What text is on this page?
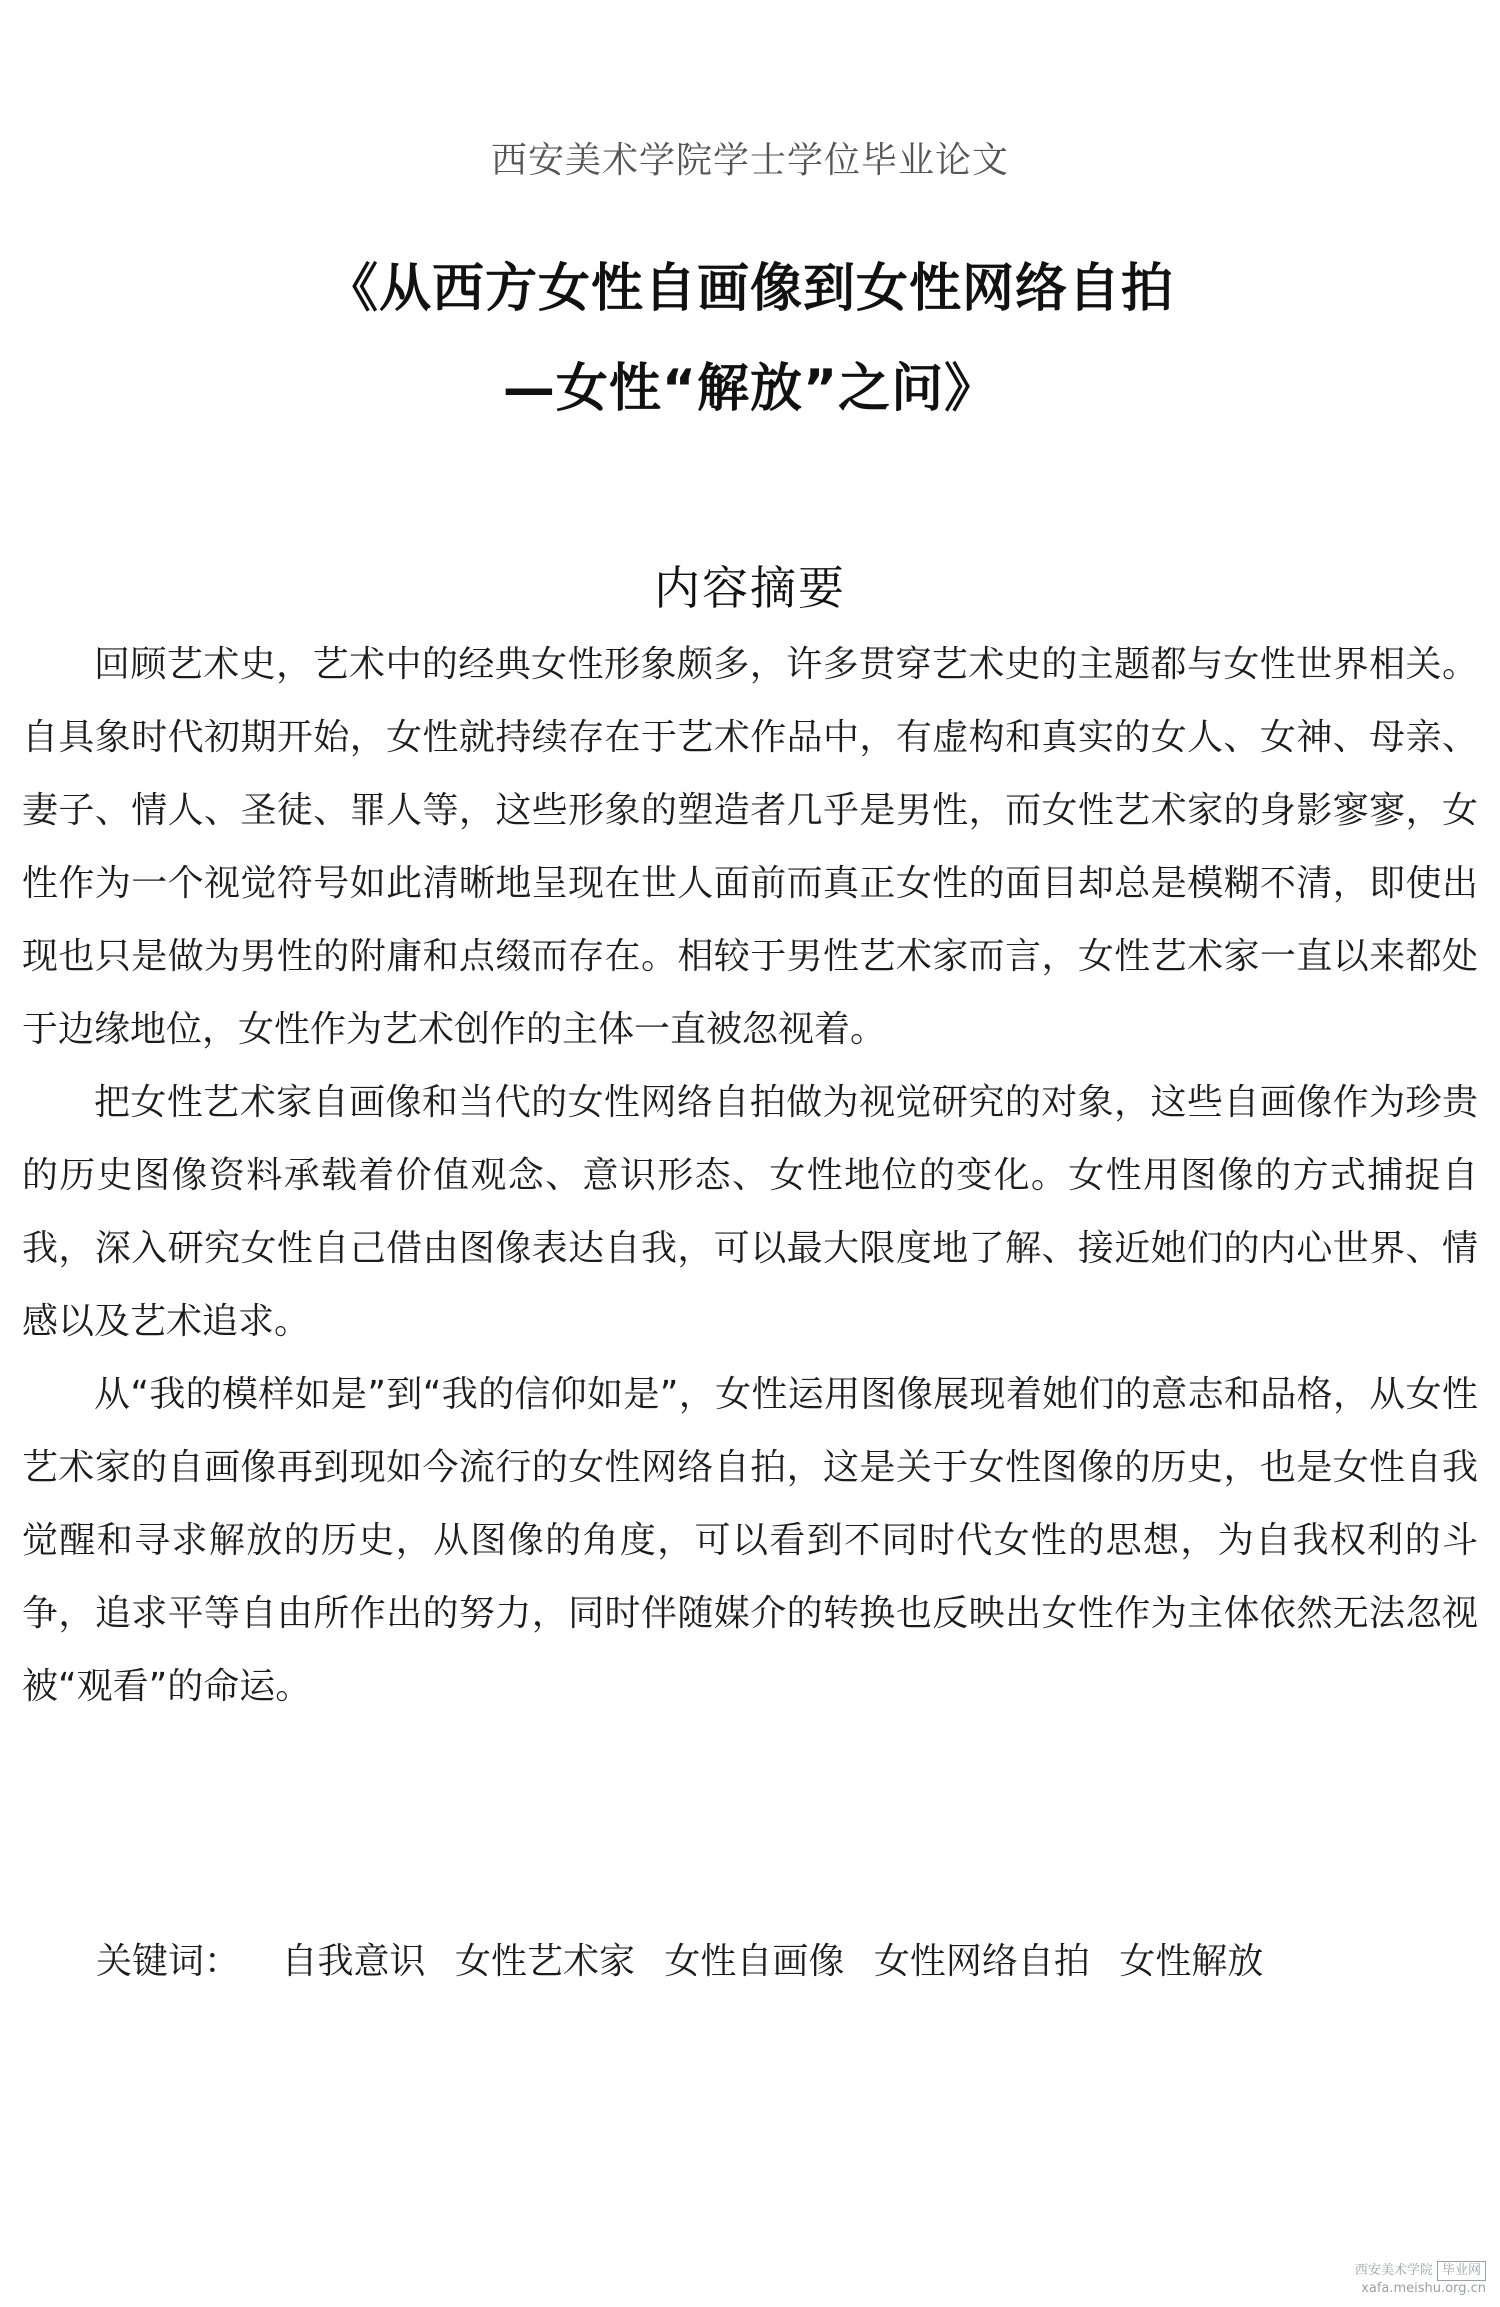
西安美术学院学士学位毕业论文
《从西方女性自画像到女性网络自拍
—女性“解放”之问》
内容摘要

回顾艺术史，艺术中的经典女性形象颇多，许多贯穿艺术史的主题都与女性世界相关。自具象时代初期开始，女性就持续存在于艺术作品中，有虚构和真实的女人、女神、母亲、妻子、情人、圣徒、罪人等，这些形象的塑造者几乎是男性，而女性艺术家的身影寥寥，女性作为一个视觉符号如此清晰地呈现在世人面前而真正女性的面目却总是模糊不清，即使出现也只是做为男性的附庸和点缀而存在。相较于男性艺术家而言，女性艺术家一直以来都处于边缘地位，女性作为艺术创作的主体一直被忽视着。

把女性艺术家自画像和当代的女性网络自拍做为视觉研究的对象，这些自画像作为珍贵的历史图像资料承载着价值观念、意识形态、女性地位的变化。女性用图像的方式捕捉自我，深入研究女性自己借由图像表达自我，可以最大限度地了解、接近她们的内心世界、情感以及艺术追求。

从“我的模样如是”到“我的信仰如是”，女性运用图像展现着她们的意志和品格，从女性艺术家的自画像再到现如今流行的女性网络自拍，这是关于女性图像的历史，也是女性自我觉醒和寻求解放的历史，从图像的角度，可以看到不同时代女性的思想，为自我权利的斗争，追求平等自由所作出的努力，同时伴随媒介的转换也反映出女性作为主体依然无法忽视被“观看”的命运。

关键词： 自我意识 女性艺术家 女性自画像 女性网络自拍 女性解放
西安美术学院 毕业网
xafa.meishu.org.cn
